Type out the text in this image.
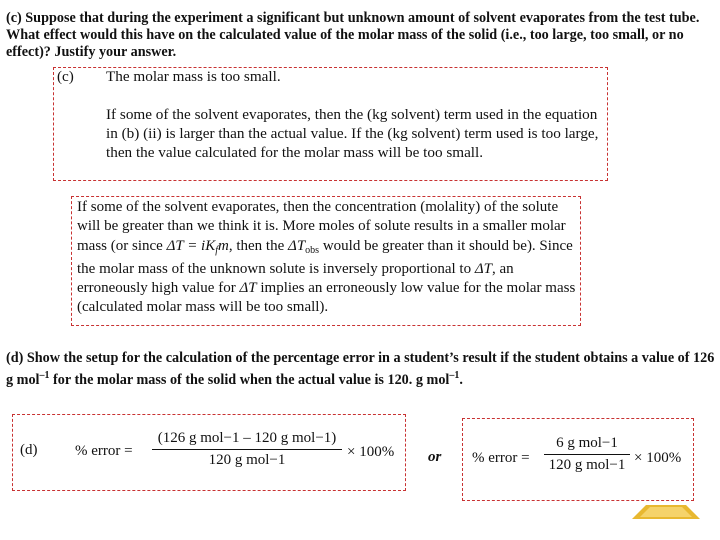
(c) Suppose that during the experiment a significant but unknown amount of solvent evaporates from the test tube. What effect would this have on the calculated value of the molar mass of the solid (i.e., too large, too small, or no effect)? Justify your answer.
(c) The molar mass is too small.
If some of the solvent evaporates, then the (kg solvent) term used in the equation in (b) (ii) is larger than the actual value. If the (kg solvent) term used is too large, then the value calculated for the molar mass will be too small.
If some of the solvent evaporates, then the concentration (molality) of the solute will be greater than we think it is. More moles of solute results in a smaller molar mass (or since $\Delta T = iK_fm$, then the $\Delta T_{obs}$ would be greater than it should be). Since the molar mass of the unknown solute is inversely proportional to ΔT, an erroneously high value for ΔT implies an erroneously low value for the molar mass (calculated molar mass will be too small).
(d) Show the setup for the calculation of the percentage error in a student’s result if the student obtains a value of 126 g mol$^{-1}$ for the molar mass of the solid when the actual value is 120. g mol$^{-1}$.
(d)	% error =
(126 g mol−1 – 120 g mol−1)
120 g mol−1	× 100% or % error =
6 g mol−1
120 g mol−1 × 100%
